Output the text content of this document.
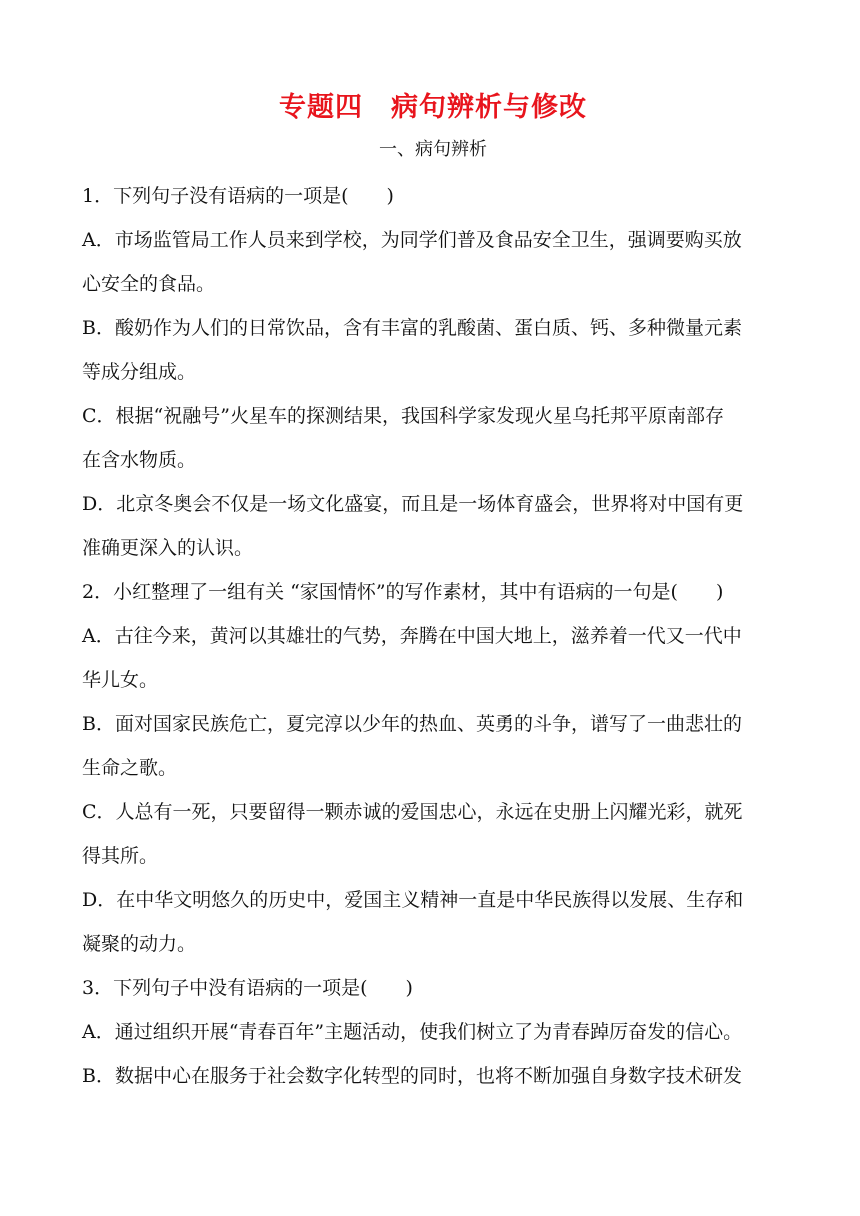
专题四　病句辨析与修改
一、病句辨析
1．下列句子没有语病的一项是(　　)
A．市场监管局工作人员来到学校，为同学们普及食品安全卫生，强调要购买放
心安全的食品。
B．酸奶作为人们的日常饮品，含有丰富的乳酸菌、蛋白质、钙、多种微量元素
等成分组成。
C．根据“祝融号”火星车的探测结果，我国科学家发现火星乌托邦平原南部存
在含水物质。
D．北京冬奥会不仅是一场文化盛宴，而且是一场体育盛会，世界将对中国有更
准确更深入的认识。
2．小红整理了一组有关 “家国情怀”的写作素材，其中有语病的一句是(　　)
A．古往今来，黄河以其雄壮的气势，奔腾在中国大地上，滋养着一代又一代中
华儿女。
B．面对国家民族危亡，夏完淳以少年的热血、英勇的斗争，谱写了一曲悲壮的
生命之歌。
C．人总有一死，只要留得一颗赤诚的爱国忠心，永远在史册上闪耀光彩，就死
得其所。
D．在中华文明悠久的历史中，爱国主义精神一直是中华民族得以发展、生存和
凝聚的动力。
3．下列句子中没有语病的一项是(　　)
A．通过组织开展“青春百年”主题活动，使我们树立了为青春踔厉奋发的信心。
B．数据中心在服务于社会数字化转型的同时，也将不断加强自身数字技术研发
